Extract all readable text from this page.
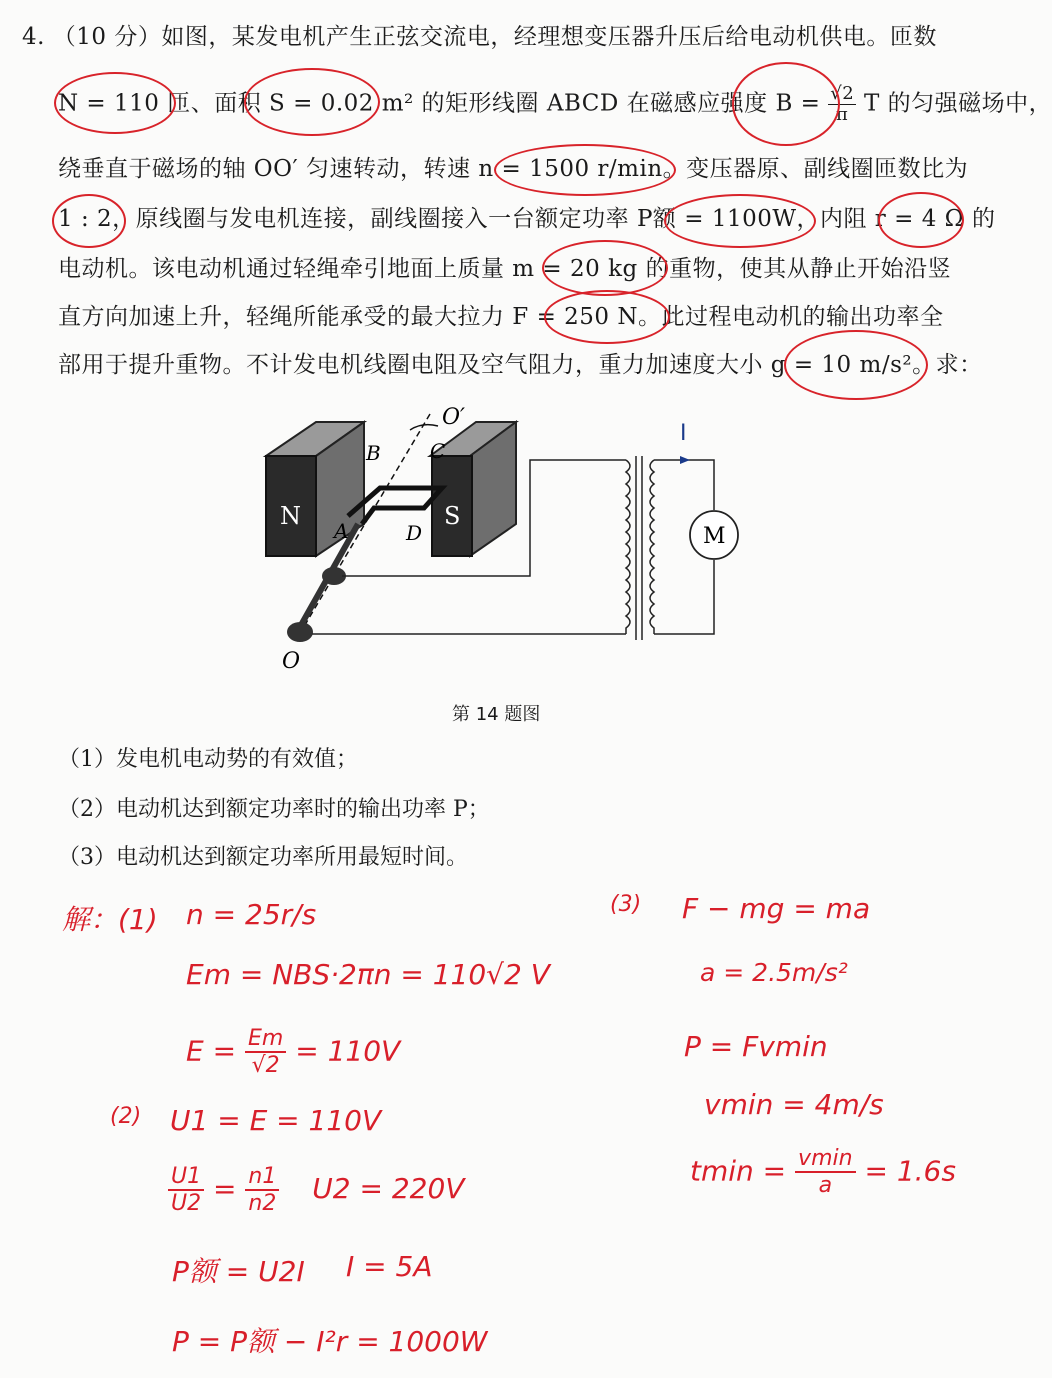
4. （10 分）如图，某发电机产生正弦交流电，经理想变压器升压后给电动机供电。匝数
N = 110 匝、面积 S = 0.02 m² 的矩形线圈 ABCD 在磁感应强度 $B = \frac{√2}{\pi}$ T 的匀强磁场中，
绕垂直于磁场的轴 OO′ 匀速转动，转速 n = 1500 r/min。变压器原、副线圈匝数比为
1 : 2，原线圈与发电机连接，副线圈接入一台额定功率 P额 = 1100W，内阻 r = 4 Ω 的
电动机。该电动机通过轻绳牵引地面上质量 m = 20 kg 的重物，使其从静止开始沿竖
直方向加速上升，轻绳所能承受的最大拉力 F = 250 N。此过程电动机的输出功率全
部用于提升重物。不计发电机线圈电阻及空气阻力，重力加速度大小 g = 10 m/s²。求：
N	S
B C
A	D
O′
O
I
M
第 14 题图
（1）发电机电动势的有效值；
（2）电动机达到额定功率时的输出功率 P；
（3）电动机达到额定功率所用最短时间。
解：(1) n = 25r/s
Em = NBS·2πn = 110√2 V
$E = \frac{Em}{√2} = 110V$
(2) U1 = E = 110V
$\frac{U1}{U2} = \frac{n1}{n2} U2 = 220V$
P额 = U2I I = 5A
P = P额 − I²r = 1000W
(3) F − mg = ma
a = 2.5m/s²
P = Fvmin
vmin = 4m/s
$tmin = \frac{vmin}{a} = 1.6s$
